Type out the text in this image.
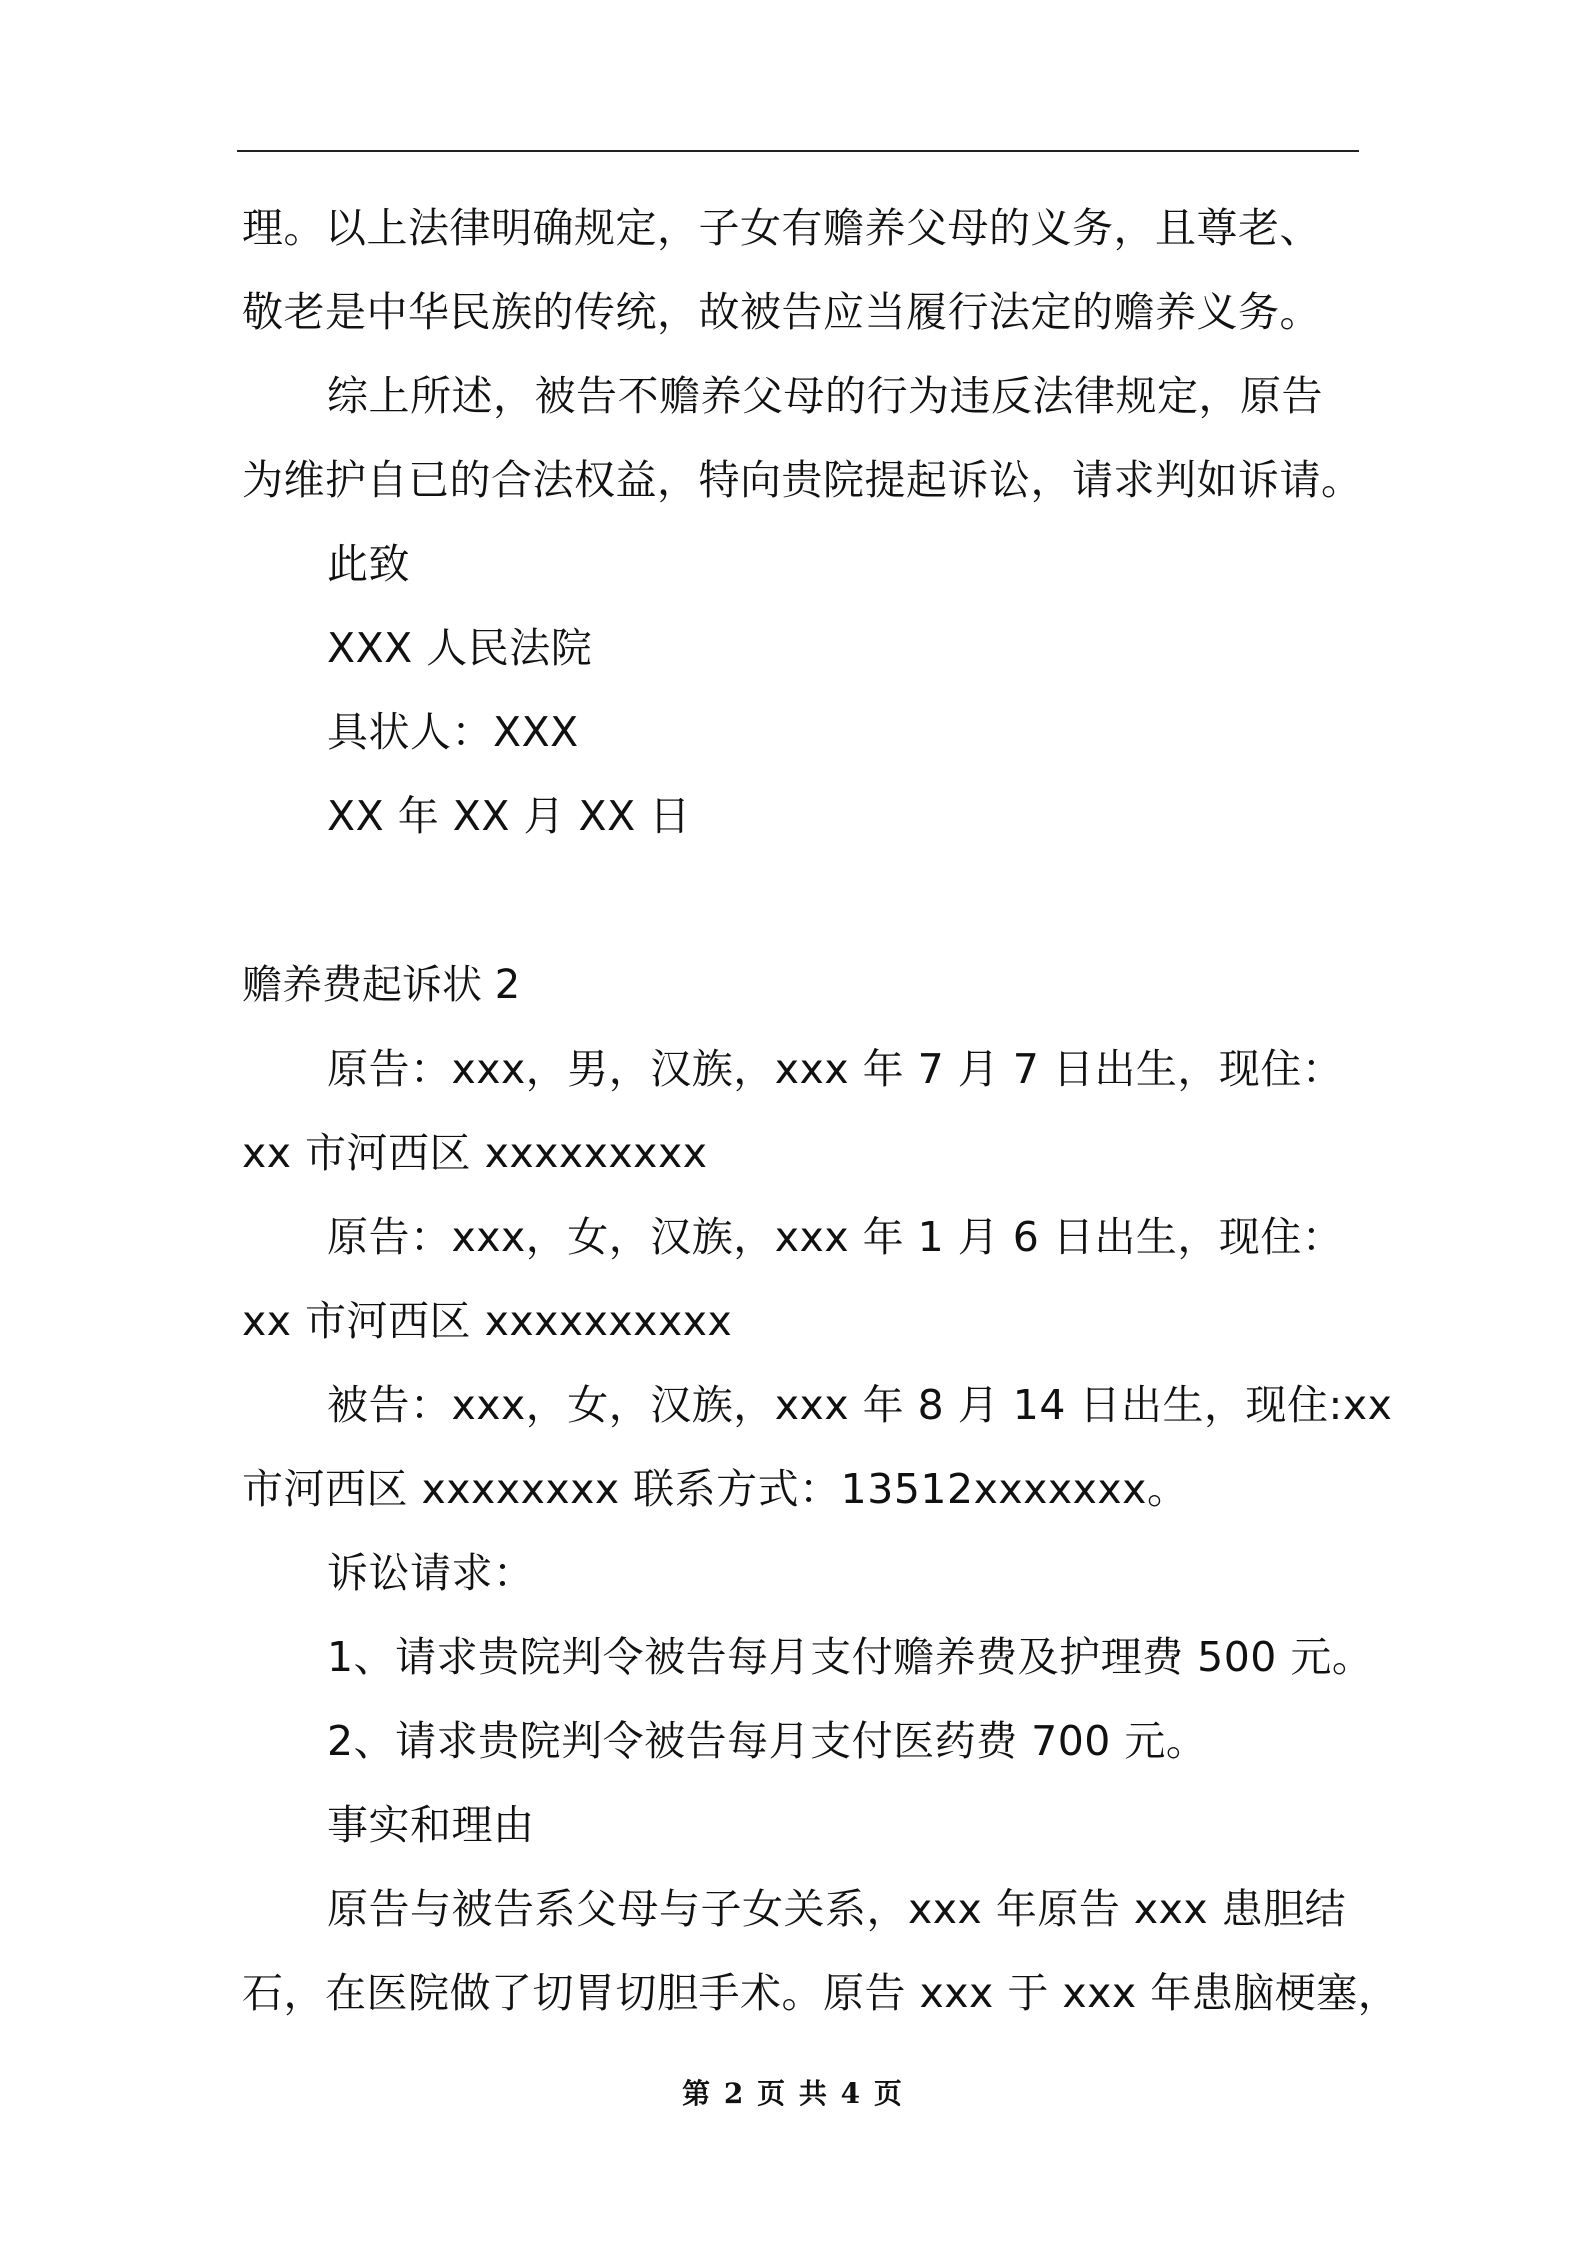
理。以上法律明确规定，子女有赡养父母的义务，且尊老、
敬老是中华民族的传统，故被告应当履行法定的赡养义务。
综上所述，被告不赡养父母的行为违反法律规定，原告
为维护自已的合法权益，特向贵院提起诉讼，请求判如诉请。
此致
XXX 人民法院
具状人：XXX
XX 年 XX 月 XX 日
赡养费起诉状 2
原告：xxx，男，汉族，xxx 年 7 月 7 日出生，现住：
xx 市河西区 xxxxxxxxx
原告：xxx，女，汉族，xxx 年 1 月 6 日出生，现住：
xx 市河西区 xxxxxxxxxx
被告：xxx，女，汉族，xxx 年 8 月 14 日出生，现住:xx
市河西区 xxxxxxxx 联系方式：13512xxxxxxx。
诉讼请求：
1、请求贵院判令被告每月支付赡养费及护理费 500 元。
2、请求贵院判令被告每月支付医药费 700 元。
事实和理由
原告与被告系父母与子女关系，xxx 年原告 xxx 患胆结
石，在医院做了切胃切胆手术。原告 xxx 于 xxx 年患脑梗塞，
第 2 页 共 4 页
